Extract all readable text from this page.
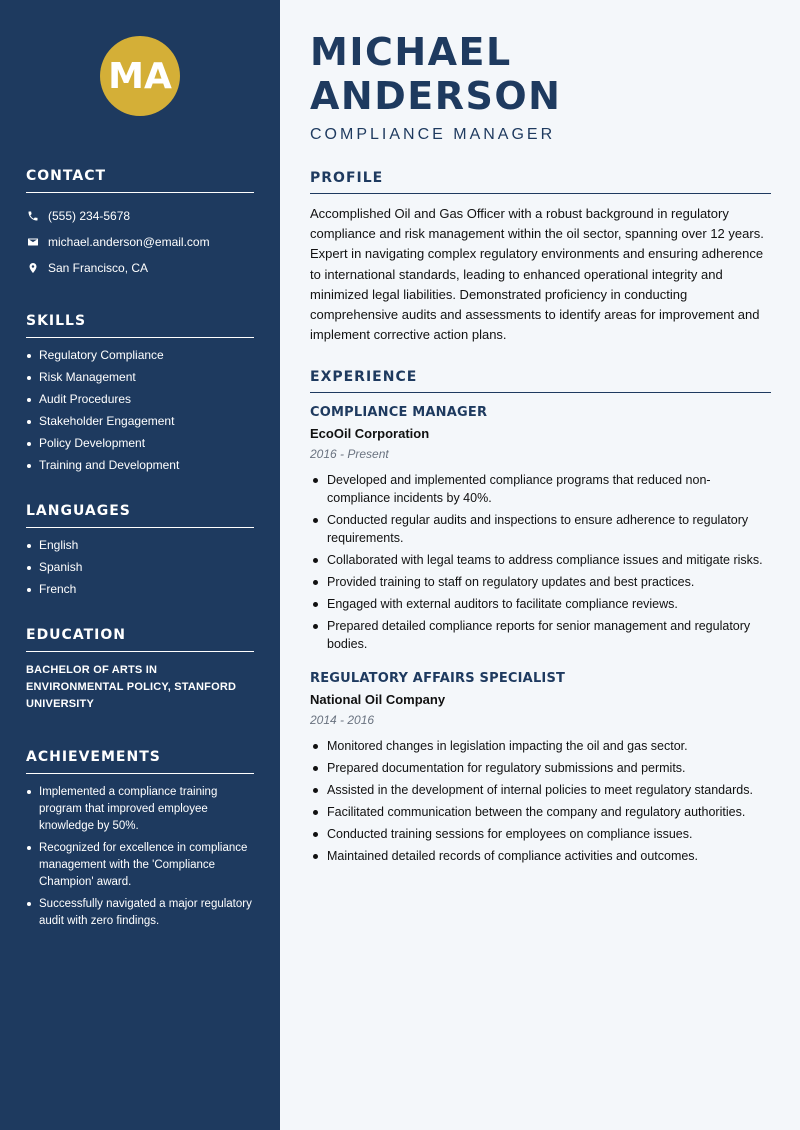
MA
CONTACT
(555) 234-5678
michael.anderson@email.com
San Francisco, CA
SKILLS
Regulatory Compliance
Risk Management
Audit Procedures
Stakeholder Engagement
Policy Development
Training and Development
LANGUAGES
English
Spanish
French
EDUCATION

BACHELOR OF ARTS IN ENVIRONMENTAL POLICY, STANFORD UNIVERSITY

ACHIEVEMENTS
Implemented a compliance training program that improved employee knowledge by 50%.
Recognized for excellence in compliance management with the 'Compliance Champion' award.
Successfully navigated a major regulatory audit with zero findings.
MICHAEL ANDERSON
COMPLIANCE MANAGER
PROFILE

Accomplished Oil and Gas Officer with a robust background in regulatory compliance and risk management within the oil sector, spanning over 12 years. Expert in navigating complex regulatory environments and ensuring adherence to international standards, leading to enhanced operational integrity and minimized legal liabilities. Demonstrated proficiency in conducting comprehensive audits and assessments to identify areas for improvement and implement corrective action plans.

EXPERIENCE
COMPLIANCE MANAGER
EcoOil Corporation
2016 - Present
Developed and implemented compliance programs that reduced non-compliance incidents by 40%.
Conducted regular audits and inspections to ensure adherence to regulatory requirements.
Collaborated with legal teams to address compliance issues and mitigate risks.
Provided training to staff on regulatory updates and best practices.
Engaged with external auditors to facilitate compliance reviews.
Prepared detailed compliance reports for senior management and regulatory bodies.
REGULATORY AFFAIRS SPECIALIST
National Oil Company
2014 - 2016
Monitored changes in legislation impacting the oil and gas sector.
Prepared documentation for regulatory submissions and permits.
Assisted in the development of internal policies to meet regulatory standards.
Facilitated communication between the company and regulatory authorities.
Conducted training sessions for employees on compliance issues.
Maintained detailed records of compliance activities and outcomes.
